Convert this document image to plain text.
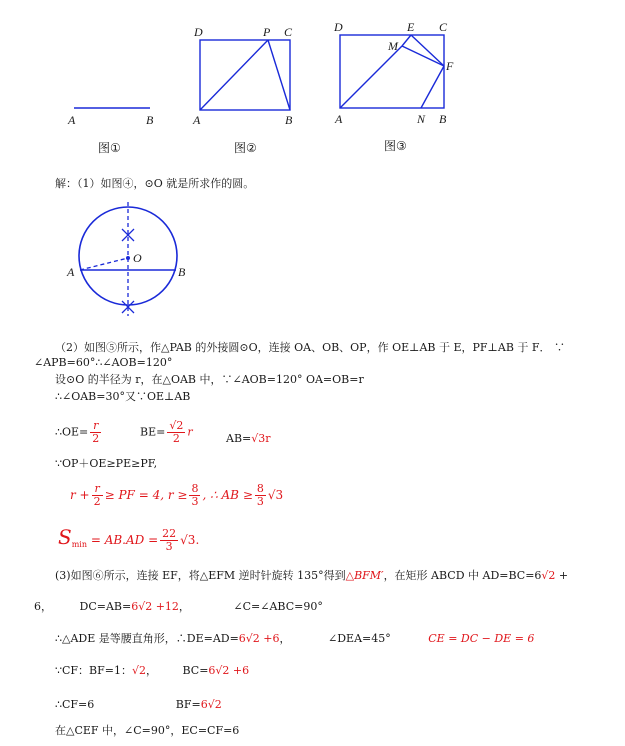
A	B
图①
D	P C
A	B
图②
D	E C
M
F
A	N B
图③
O
A	B
解：（1）如图④，⊙O 就是所求作的圆。
（2）如图⑤所示，作△PAB 的外接圆⊙O，连接 OA、OB、OP，作 OE⊥AB 于 E，PF⊥AB 于 F． ∵
∠APB=60°∴∠AOB=120°
设⊙O 的半径为 r，在△OAB 中，∵∠AOB=120° OA=OB=r
∴∠OAB=30°又∵OE⊥AB
∴OE= $\frac{r}{2}$	$BE= \frac{√2}{2}$ r	AB=√3r
∵OP＋OE≥PE≥PF,
$r + \frac{r}{2}$ ≥ PF = 4, $r \ge \frac{8}{3}$ , ∴ AB ≥ $\frac{8}{3} √3$
$S_{min} = AB.AD = \frac{22}{3} √3$.
(3)如图⑥所示，连接 EF，将△EFM 逆时针旋转 135°得到△BFM′，在矩形 ABCD 中 AD=BC=6√2 +
6，	DC=AB=6√2 +12，	∠C=∠ABC=90°
∴△ADE 是等腰直角形，∴DE=AD=6√2 +6，	∠DEA=45°	CE = DC − DE = 6
∵CF：BF=1：√2， BC=6√2 +6
∴CF=6	BF=6√2
在△CEF 中，∠C=90°，EC=CF=6
